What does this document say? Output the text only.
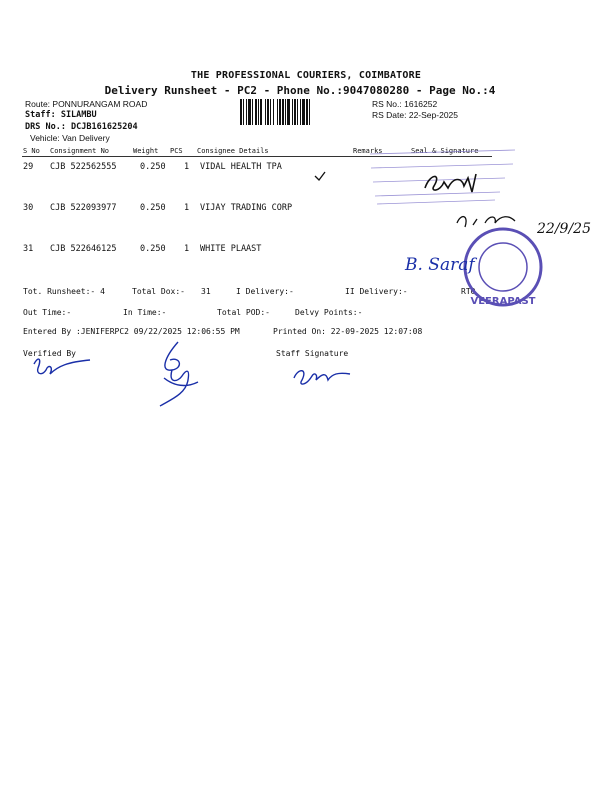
THE PROFESSIONAL COURIERS, COIMBATORE
Delivery Runsheet - PC2 - Phone No.:9047080280 - Page No.:4
Route: PONNURANGAM ROAD
Staff: SILAMBU
DRS No.: DCJB161625204
Vehicle: Van Delivery
RS No.: 1616252
RS Date: 22-Sep-2025
S No Consignment No	Weight PCS Consignee Details	Remarks	Seal & Signature
29 CJB 522562555	0.250 1 VIDAL HEALTH TPA
30 CJB 522093977	0.250 1 VIJAY TRADING CORP
31 CJB 522646125	0.250 1 WHITE PLAAST
Tot. Runsheet:- 4	Total Dox:- 31	I Delivery:-	II Delivery:-	RTO
Out Time:-	In Time:-	Total POD:-	Delvy Points:-
Entered By :JENIFERPC2 09/22/2025 12:06:55 PM	Printed On: 22-09-2025 12:07:08
Verified By	Staff Signature
22/9/25
VEERAPAST
B. Saraf
